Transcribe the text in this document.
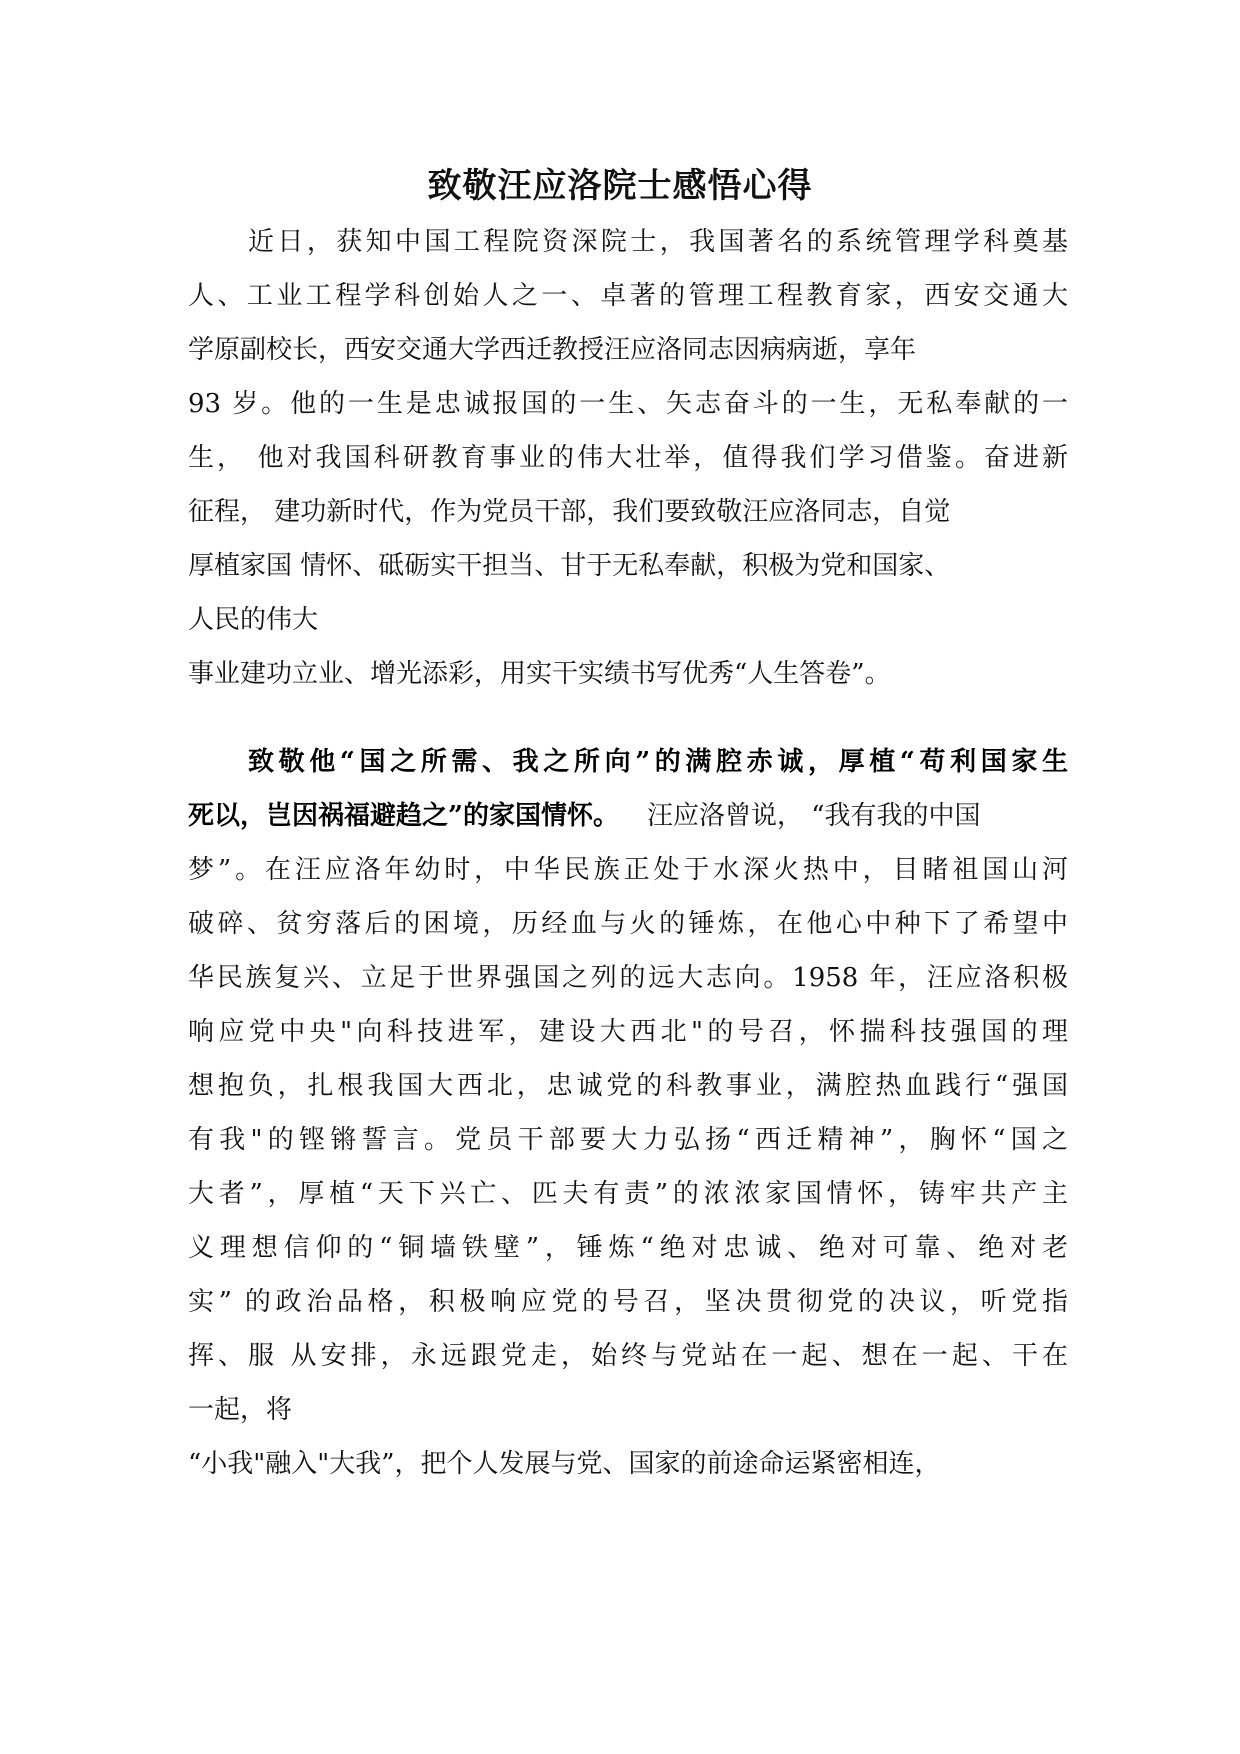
致敬汪应洛院士感悟心得

近日，获知中国工程院资深院士，我国著名的系统管理学科奠基

人、工业工程学科创始人之一、卓著的管理工程教育家，西安交通大

学原副校长，西安交通大学西迁教授汪应洛同志因病病逝，享年

93 岁。他的一生是忠诚报国的一生、矢志奋斗的一生，无私奉献的一

生， 他对我国科研教育事业的伟大壮举，值得我们学习借鉴。奋进新

征程， 建功新时代，作为党员干部，我们要致敬汪应洛同志，自觉

厚植家国 情怀、砥砺实干担当、甘于无私奉献，积极为党和国家、

人民的伟大

事业建功立业、增光添彩，用实干实绩书写优秀“人生答卷”。

致敬他“国之所需、我之所向”的满腔赤诚，厚植“苟利国家生

死以，岂因祸福避趋之”的家国情怀。 汪应洛曾说， “我有我的中国

梦”。在汪应洛年幼时，中华民族正处于水深火热中，目睹祖国山河

破碎、贫穷落后的困境，历经血与火的锤炼，在他心中种下了希望中

华民族复兴、立足于世界强国之列的远大志向。1958 年，汪应洛积极

响应党中央"向科技进军，建设大西北"的号召，怀揣科技强国的理

想抱负，扎根我国大西北，忠诚党的科教事业，满腔热血践行“强国

有我"的铿锵誓言。党员干部要大力弘扬“西迁精神”，胸怀“国之

大者”，厚植“天下兴亡、匹夫有责”的浓浓家国情怀，铸牢共产主

义理想信仰的“铜墙铁壁”，锤炼“绝对忠诚、绝对可靠、绝对老

实” 的政治品格，积极响应党的号召，坚决贯彻党的决议，听党指

挥、服 从安排，永远跟党走，始终与党站在一起、想在一起、干在

一起，将

“小我"融入"大我”，把个人发展与党、国家的前途命运紧密相连，
